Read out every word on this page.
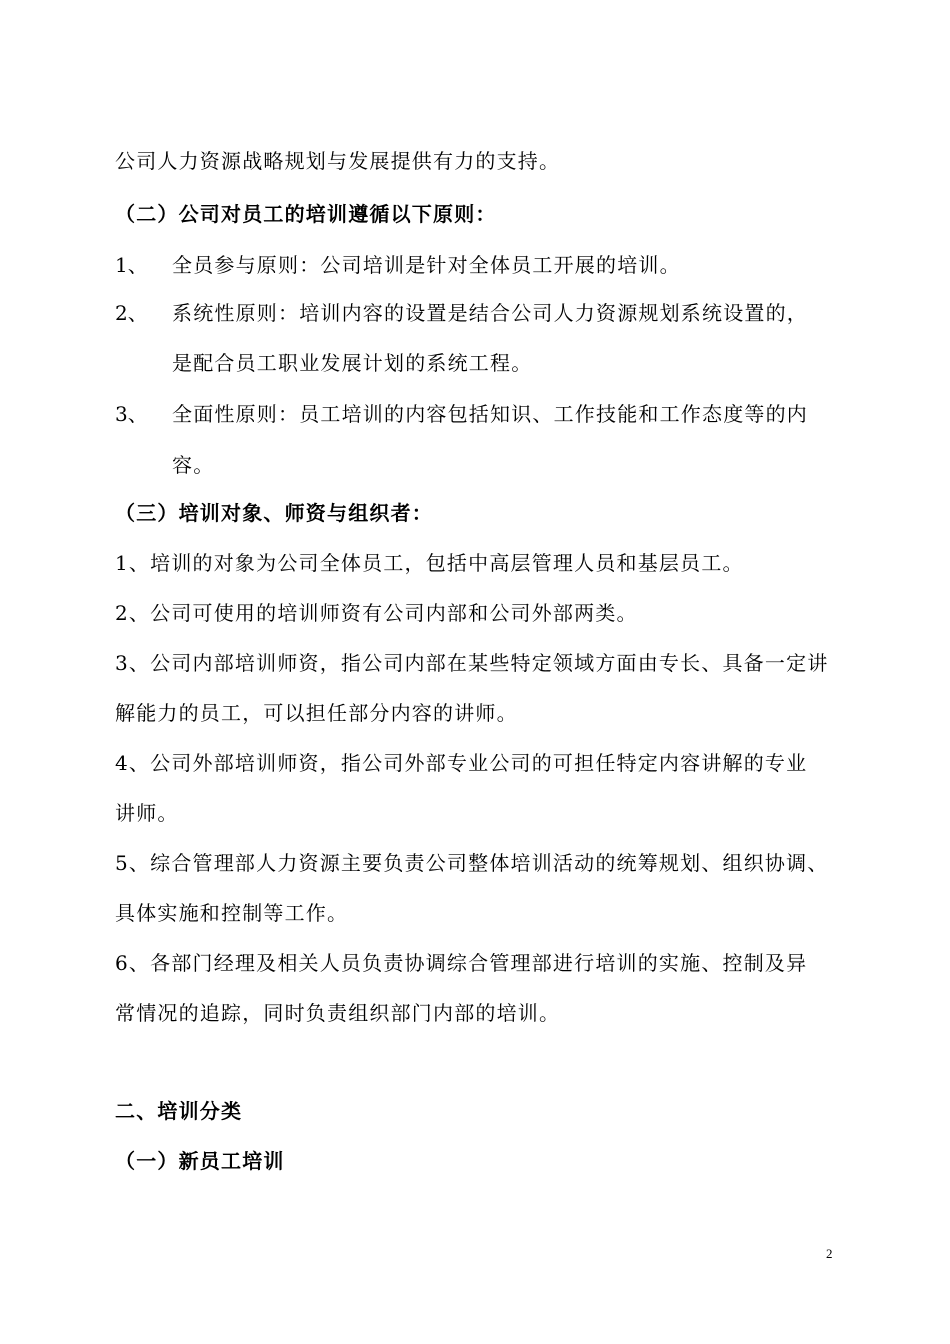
公司人力资源战略规划与发展提供有力的支持。
（二）公司对员工的培训遵循以下原则：
1、 全员参与原则：公司培训是针对全体员工开展的培训。
2、 系统性原则：培训内容的设置是结合公司人力资源规划系统设置的，
是配合员工职业发展计划的系统工程。
3、 全面性原则：员工培训的内容包括知识、工作技能和工作态度等的内
容。
（三）培训对象、师资与组织者：
1、培训的对象为公司全体员工，包括中高层管理人员和基层员工。
2、公司可使用的培训师资有公司内部和公司外部两类。
3、公司内部培训师资，指公司内部在某些特定领域方面由专长、具备一定讲
解能力的员工，可以担任部分内容的讲师。
4、公司外部培训师资，指公司外部专业公司的可担任特定内容讲解的专业
讲师。
5、综合管理部人力资源主要负责公司整体培训活动的统筹规划、组织协调、
具体实施和控制等工作。
6、各部门经理及相关人员负责协调综合管理部进行培训的实施、控制及异
常情况的追踪，同时负责组织部门内部的培训。
二、培训分类
（一）新员工培训
2
